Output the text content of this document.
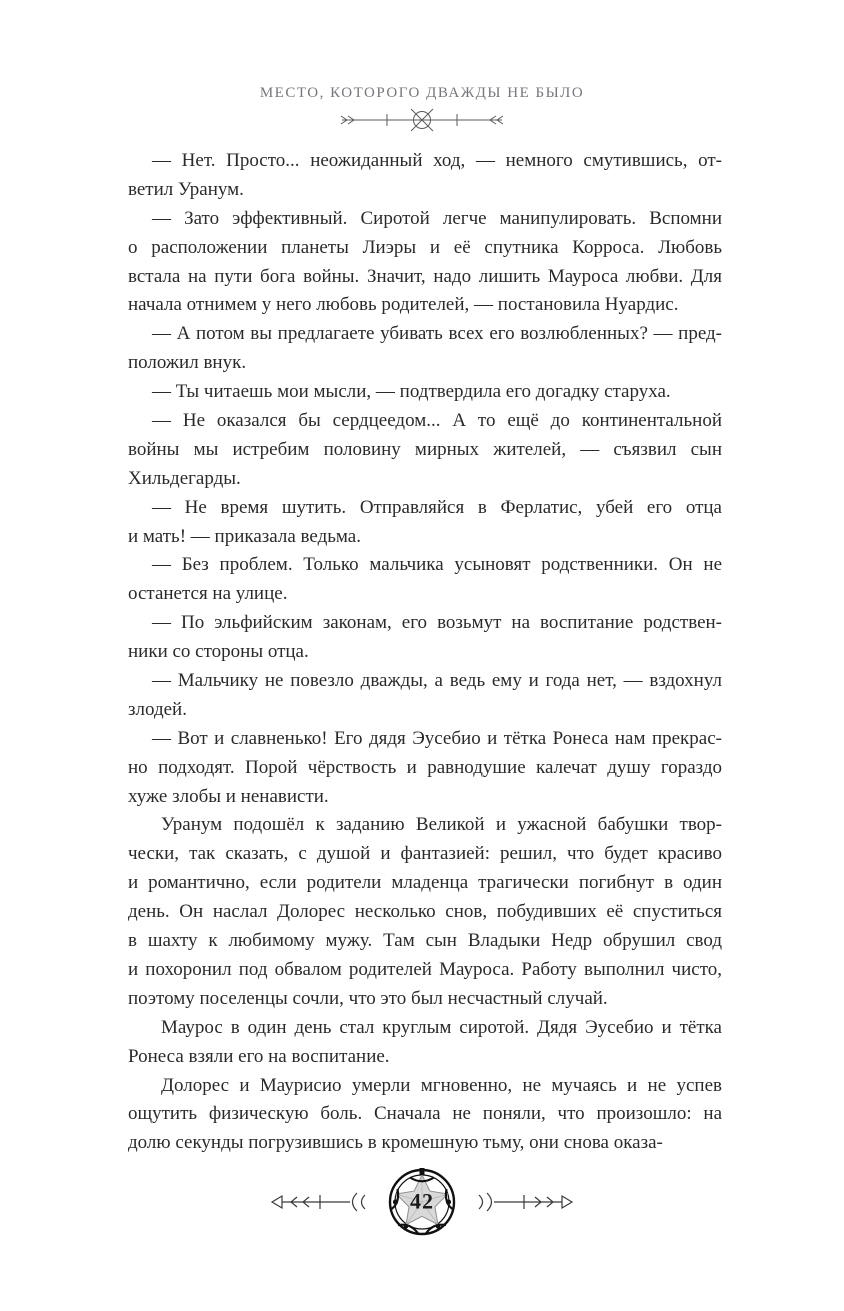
МЕСТО, КОТОРОГО ДВАЖДЫ НЕ БЫЛО
— Нет. Просто... неожиданный ход, — немного смутившись, от-
ветил Уранум.
— Зато эффективный. Сиротой легче манипулировать. Вспомни
о расположении планеты Лиэры и её спутника Корроса. Любовь
встала на пути бога войны. Значит, надо лишить Мауроса любви. Для
начала отнимем у него любовь родителей, — постановила Нуардис.
— А потом вы предлагаете убивать всех его возлюбленных? — пред-
положил внук.
— Ты читаешь мои мысли, — подтвердила его догадку старуха.
— Не оказался бы сердцеедом... А то ещё до континентальной
войны мы истребим половину мирных жителей, — съязвил сын
Хильдегарды.
— Не время шутить. Отправляйся в Ферлатис, убей его отца
и мать! — приказала ведьма.
— Без проблем. Только мальчика усыновят родственники. Он не
останется на улице.
— По эльфийским законам, его возьмут на воспитание родствен-
ники со стороны отца.
— Мальчику не повезло дважды, а ведь ему и года нет, — вздохнул
злодей.
— Вот и славненько! Его дядя Эусебио и тётка Ронеса нам прекрас-
но подходят. Порой чёрствость и равнодушие калечат душу гораздо
хуже злобы и ненависти.
Уранум подошёл к заданию Великой и ужасной бабушки твор-
чески, так сказать, с душой и фантазией: решил, что будет красиво
и романтично, если родители младенца трагически погибнут в один
день. Он наслал Долорес несколько снов, побудивших её спуститься
в шахту к любимому мужу. Там сын Владыки Недр обрушил свод
и похоронил под обвалом родителей Мауроса. Работу выполнил чисто,
поэтому поселенцы сочли, что это был несчастный случай.
Маурос в один день стал круглым сиротой. Дядя Эусебио и тётка
Ронеса взяли его на воспитание.
Долорес и Маурисио умерли мгновенно, не мучаясь и не успев
ощутить физическую боль. Сначала не поняли, что произошло: на
долю секунды погрузившись в кромешную тьму, они снова оказа-
42
